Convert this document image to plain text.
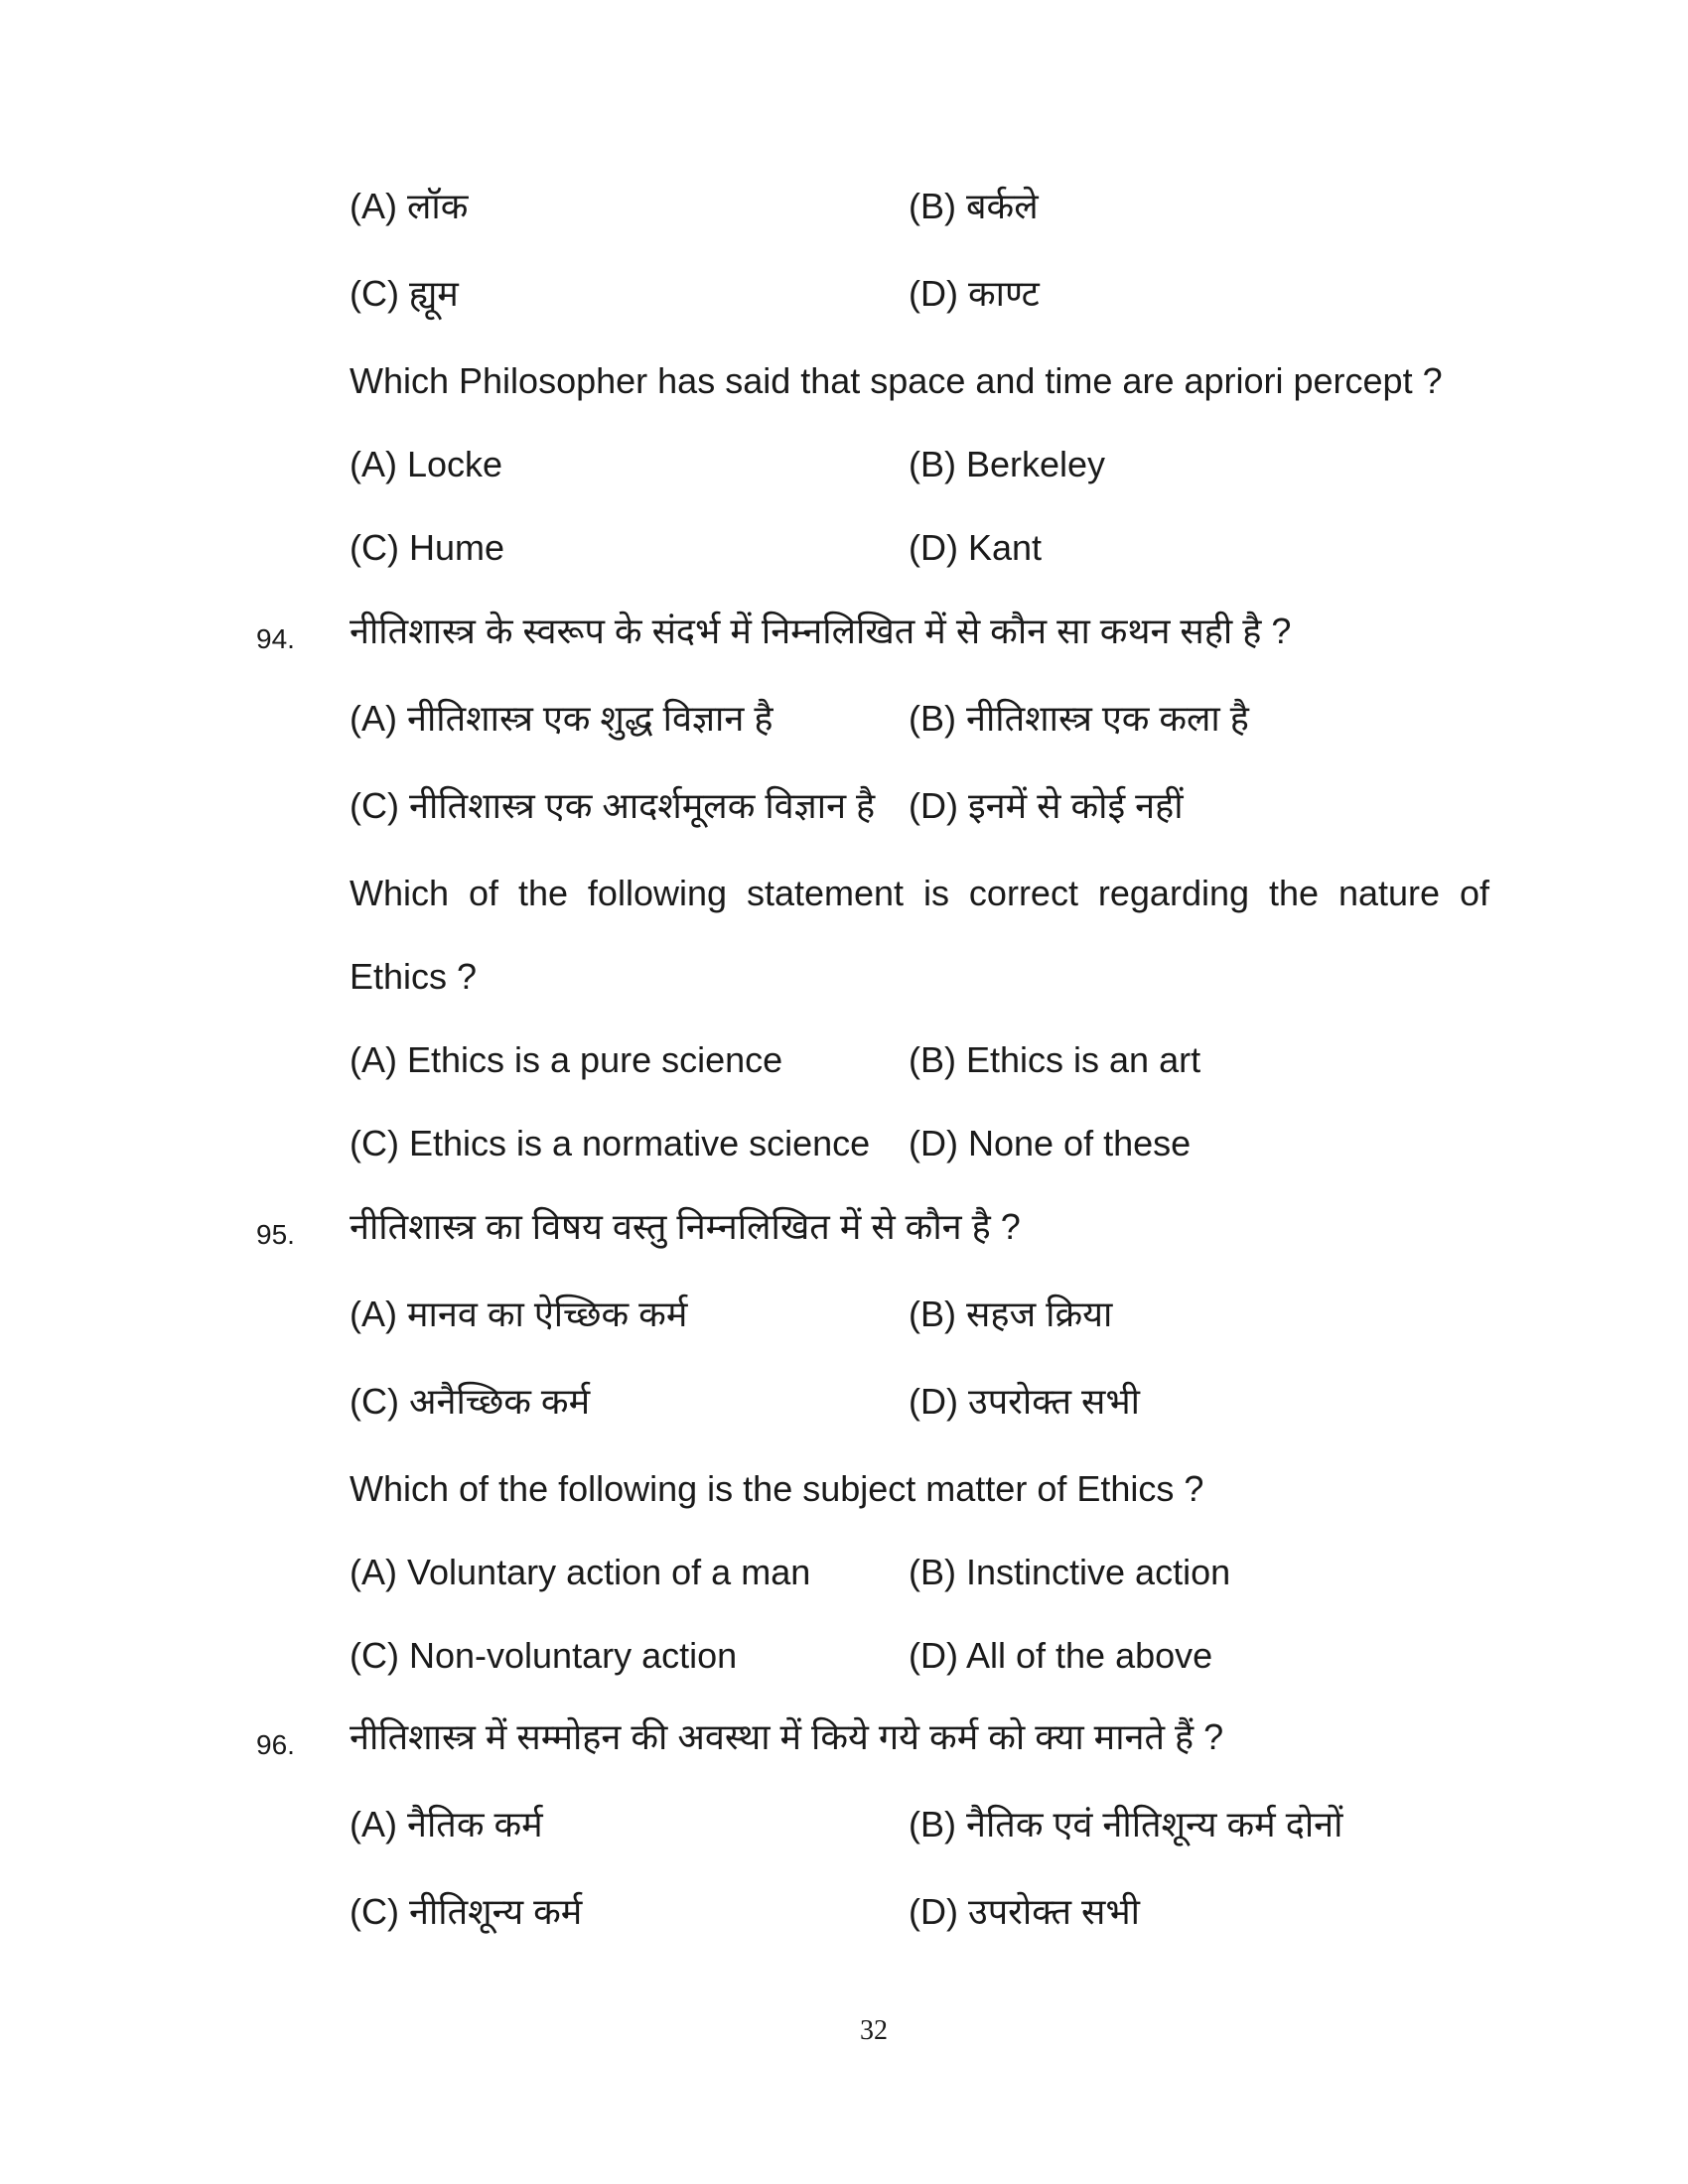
(A) लॉक	(B) बर्कले
(C) ह्यूम	(D) काण्ट
Which Philosopher has said that space and time are apriori percept ?
(A) Locke	(B) Berkeley
(C) Hume	(D) Kant
94. नीतिशास्त्र के स्वरूप के संदर्भ में निम्नलिखित में से कौन सा कथन सही है ?
(A) नीतिशास्त्र एक शुद्ध विज्ञान है	(B) नीतिशास्त्र एक कला है
(C) नीतिशास्त्र एक आदर्शमूलक विज्ञान है (D) इनमें से कोई नहीं
Which of the following statement is correct regarding the nature of
Ethics ?
(A) Ethics is a pure science	(B) Ethics is an art
(C) Ethics is a normative science (D) None of these
95. नीतिशास्त्र का विषय वस्तु निम्नलिखित में से कौन है ?
(A) मानव का ऐच्छिक कर्म	(B) सहज क्रिया
(C) अनैच्छिक कर्म	(D) उपरोक्त सभी
Which of the following is the subject matter of Ethics ?
(A) Voluntary action of a man	(B) Instinctive action
(C) Non-voluntary action	(D) All of the above
96. नीतिशास्त्र में सम्मोहन की अवस्था में किये गये कर्म को क्या मानते हैं ?
(A) नैतिक कर्म	(B) नैतिक एवं नीतिशून्य कर्म दोनों
(C) नीतिशून्य कर्म	(D) उपरोक्त सभी
32
